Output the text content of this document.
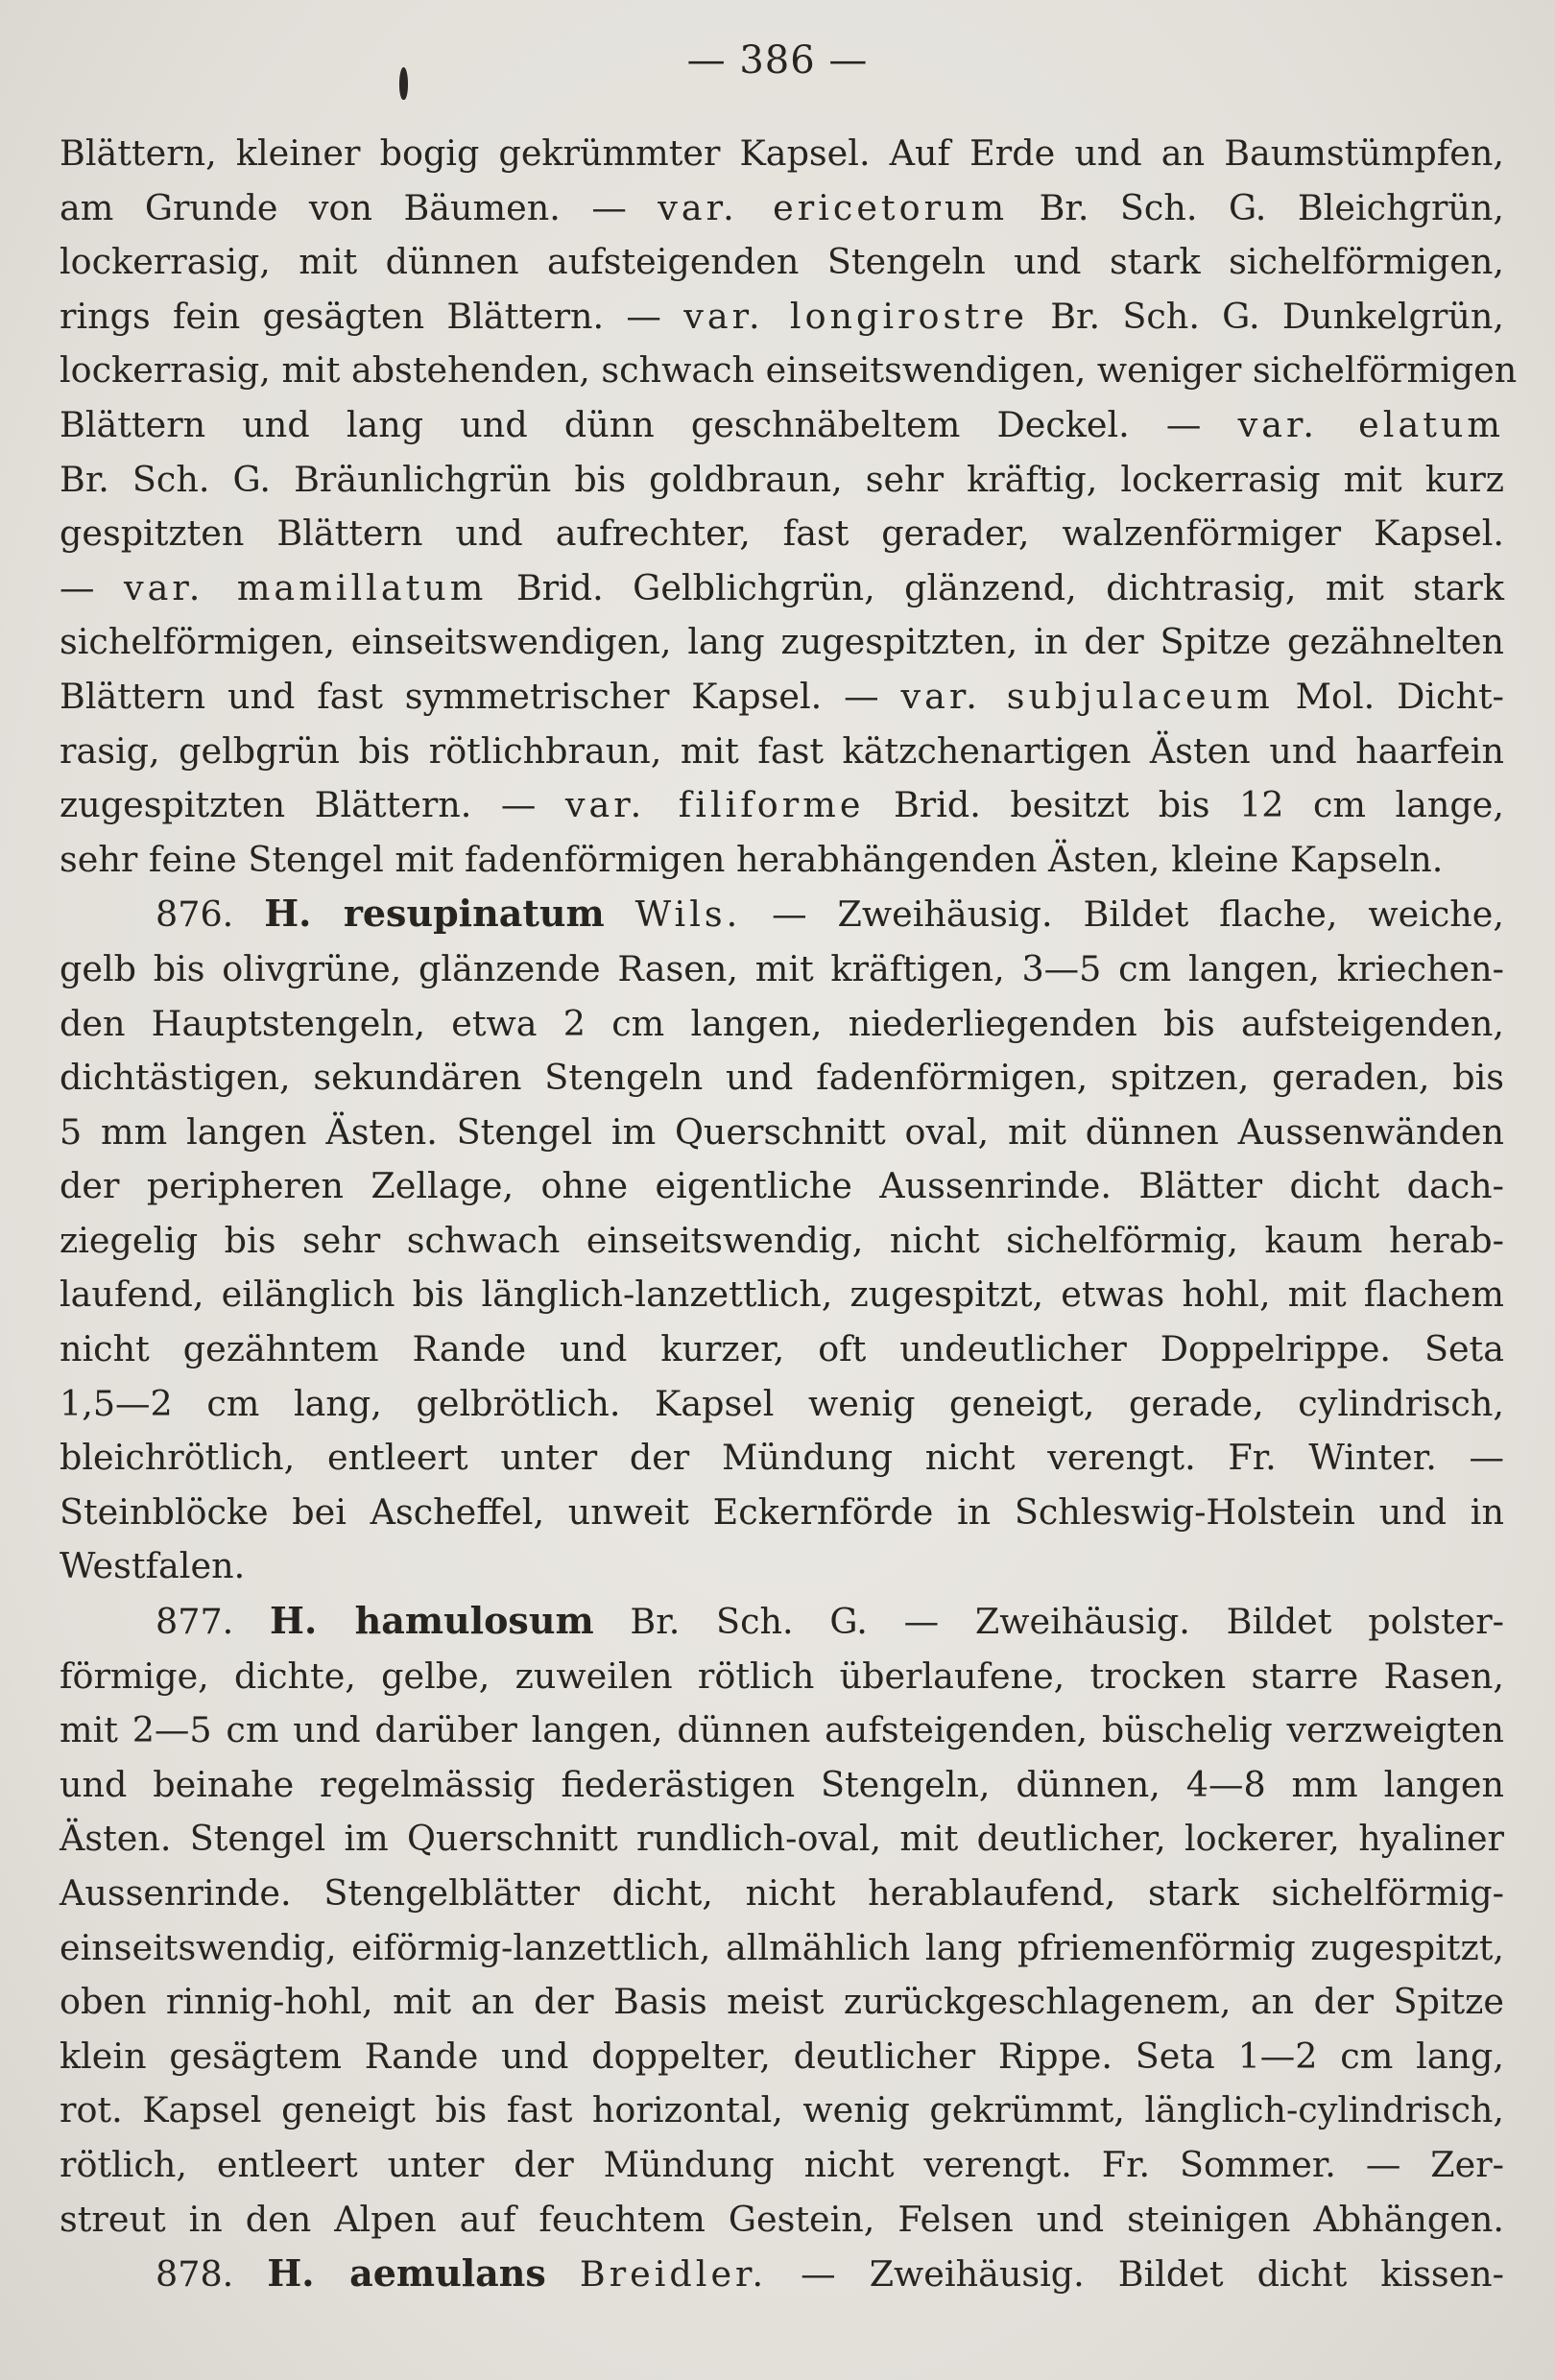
— 386 —
Blättern, kleiner bogig gekrümmter Kapsel. Auf Erde und an Baumstümpfen,
am Grunde von Bäumen. — var. ericetorum Br. Sch. G. Bleichgrün,
lockerrasig, mit dünnen aufsteigenden Stengeln und stark sichelförmigen,
rings fein gesägten Blättern. — var. longirostre Br. Sch. G. Dunkelgrün,
lockerrasig, mit abstehenden, schwach einseitswendigen, weniger sichelförmigen
Blättern und lang und dünn geschnäbeltem Deckel. — var. elatum
Br. Sch. G. Bräunlichgrün bis goldbraun, sehr kräftig, lockerrasig mit kurz
gespitzten Blättern und aufrechter, fast gerader, walzenförmiger Kapsel.
— var. mamillatum Brid. Gelblichgrün, glänzend, dichtrasig, mit stark
sichelförmigen, einseitswendigen, lang zugespitzten, in der Spitze gezähnelten
Blättern und fast symmetrischer Kapsel. — var. subjulaceum Mol. Dicht-
rasig, gelbgrün bis rötlichbraun, mit fast kätzchenartigen Ästen und haarfein
zugespitzten Blättern. — var. filiforme Brid. besitzt bis 12 cm lange,
sehr feine Stengel mit fadenförmigen herabhängenden Ästen, kleine Kapseln.
876. H. resupinatum Wils. — Zweihäusig. Bildet flache, weiche,
gelb bis olivgrüne, glänzende Rasen, mit kräftigen, 3—5 cm langen, kriechen-
den Hauptstengeln, etwa 2 cm langen, niederliegenden bis aufsteigenden,
dichtästigen, sekundären Stengeln und fadenförmigen, spitzen, geraden, bis
5 mm langen Ästen. Stengel im Querschnitt oval, mit dünnen Aussenwänden
der peripheren Zellage, ohne eigentliche Aussenrinde. Blätter dicht dach-
ziegelig bis sehr schwach einseitswendig, nicht sichelförmig, kaum herab-
laufend, eilänglich bis länglich-lanzettlich, zugespitzt, etwas hohl, mit flachem
nicht gezähntem Rande und kurzer, oft undeutlicher Doppelrippe. Seta
1,5—2 cm lang, gelbrötlich. Kapsel wenig geneigt, gerade, cylindrisch,
bleichrötlich, entleert unter der Mündung nicht verengt. Fr. Winter. —
Steinblöcke bei Ascheffel, unweit Eckernförde in Schleswig-Holstein und in
Westfalen.
877. H. hamulosum Br. Sch. G. — Zweihäusig. Bildet polster-
förmige, dichte, gelbe, zuweilen rötlich überlaufene, trocken starre Rasen,
mit 2—5 cm und darüber langen, dünnen aufsteigenden, büschelig verzweigten
und beinahe regelmässig fiederästigen Stengeln, dünnen, 4—8 mm langen
Ästen. Stengel im Querschnitt rundlich-oval, mit deutlicher, lockerer, hyaliner
Aussenrinde. Stengelblätter dicht, nicht herablaufend, stark sichelförmig-
einseitswendig, eiförmig-lanzettlich, allmählich lang pfriemenförmig zugespitzt,
oben rinnig-hohl, mit an der Basis meist zurückgeschlagenem, an der Spitze
klein gesägtem Rande und doppelter, deutlicher Rippe. Seta 1—2 cm lang,
rot. Kapsel geneigt bis fast horizontal, wenig gekrümmt, länglich-cylindrisch,
rötlich, entleert unter der Mündung nicht verengt. Fr. Sommer. — Zer-
streut in den Alpen auf feuchtem Gestein, Felsen und steinigen Abhängen.
878. H. aemulans Breidler. — Zweihäusig. Bildet dicht kissen-
